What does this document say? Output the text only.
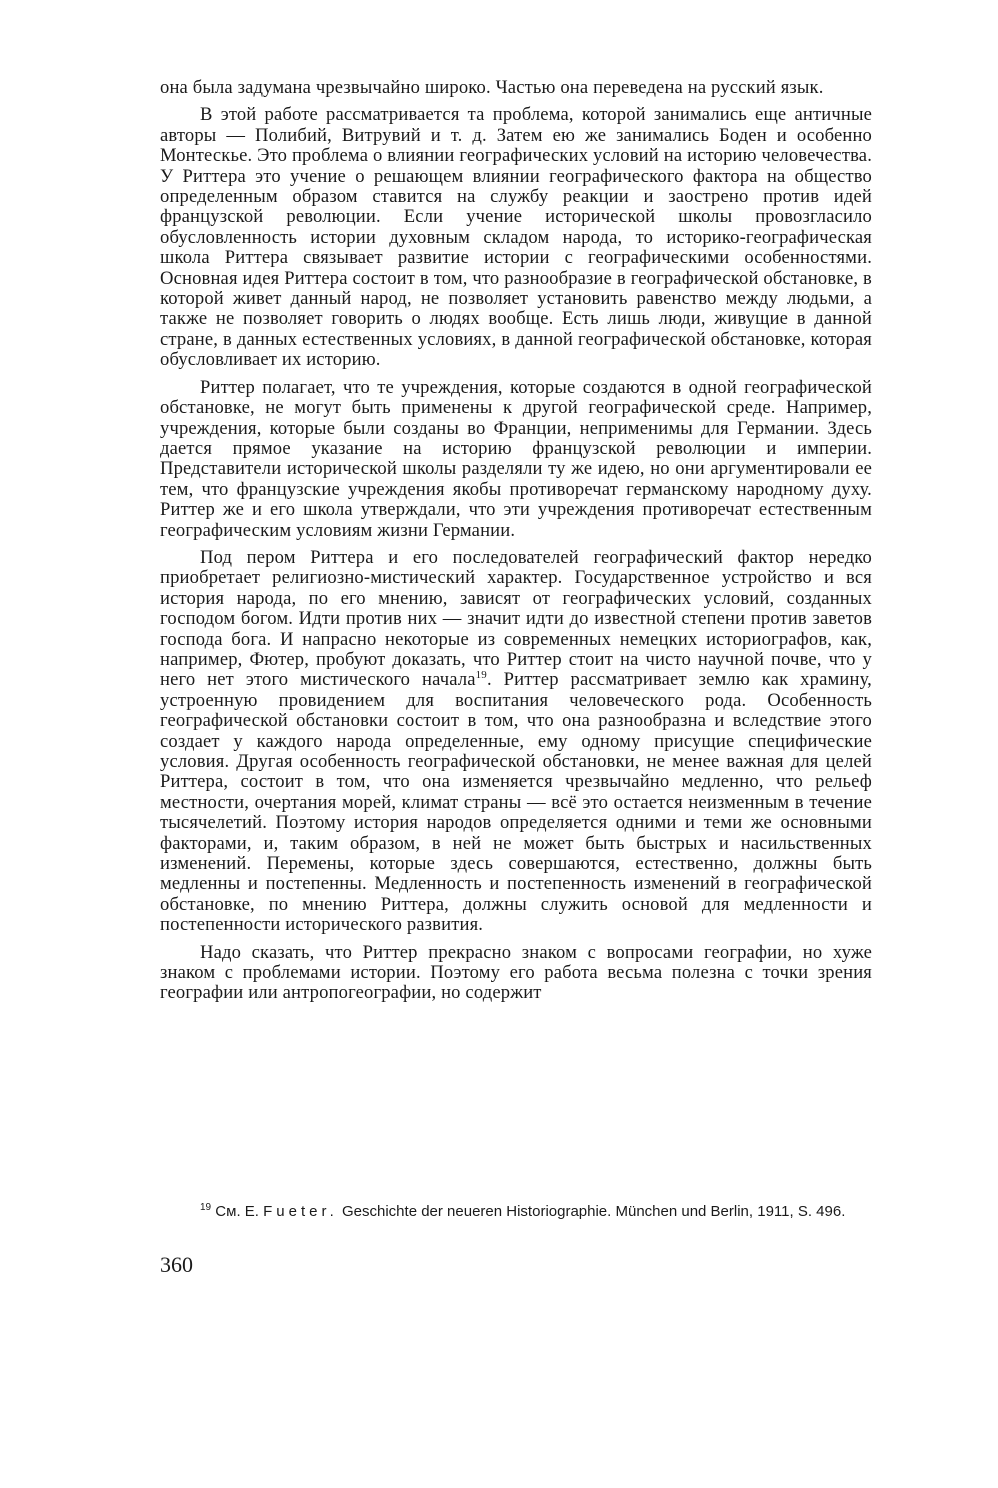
она была задумана чрезвычайно широко. Частью она переведена на русский язык.

В этой работе рассматривается та проблема, которой занимались еще античные авторы — Полибий, Витрувий и т. д. Затем ею же занимались Боден и особенно Монтескье. Это проблема о влиянии географических условий на историю человечества. У Риттера это учение о решающем влиянии географического фактора на общество определенным образом ставится на службу реакции и заострено против идей французской революции. Если учение исторической школы провозгласило обусловленность истории духовным складом народа, то историко-географическая школа Риттера связывает развитие истории с географическими особенностями. Основная идея Риттера состоит в том, что разнообразие в географической обстановке, в которой живет данный народ, не позволяет установить равенство между людьми, а также не позволяет говорить о людях вообще. Есть лишь люди, живущие в данной стране, в данных естественных условиях, в данной географической обстановке, которая обусловливает их историю.

Риттер полагает, что те учреждения, которые создаются в одной географической обстановке, не могут быть применены к другой географической среде. Например, учреждения, которые были созданы во Франции, неприменимы для Германии. Здесь дается прямое указание на историю французской революции и империи. Представители исторической школы разделяли ту же идею, но они аргументировали ее тем, что французские учреждения якобы противоречат германскому народному духу. Риттер же и его школа утверждали, что эти учреждения противоречат естественным географическим условиям жизни Германии.

Под пером Риттера и его последователей географический фактор нередко приобретает религиозно-мистический характер. Государственное устройство и вся история народа, по его мнению, зависят от географических условий, созданных господом богом. Идти против них — значит идти до известной степени против заветов господа бога. И напрасно некоторые из современных немецких историографов, как, например, Фютер, пробуют доказать, что Риттер стоит на чисто научной почве, что у него нет этого мистического начала$^{19}$. Риттер рассматривает землю как храмину, устроенную провидением для воспитания человеческого рода. Особенность географической обстановки состоит в том, что она разнообразна и вследствие этого создает у каждого народа определенные, ему одному присущие специфические условия. Другая особенность географической обстановки, не менее важная для целей Риттера, состоит в том, что она изменяется чрезвычайно медленно, что рельеф местности, очертания морей, климат страны — всё это остается неизменным в течение тысячелетий. Поэтому история народов определяется одними и теми же основными факторами, и, таким образом, в ней не может быть быстрых и насильственных изменений. Перемены, которые здесь совершаются, естественно, должны быть медленны и постепенны. Медленность и постепенность изменений в географической обстановке, по мнению Риттера, должны служить основой для медленности и постепенности исторического развития.

Надо сказать, что Риттер прекрасно знаком с вопросами географии, но хуже знаком с проблемами истории. Поэтому его работа весьма полезна с точки зрения географии или антропогеографии, но содержит

$^{19}$ См. E. Fueter. Geschichte der neueren Historiographie. München und Berlin, 1911, S. 496.
360
